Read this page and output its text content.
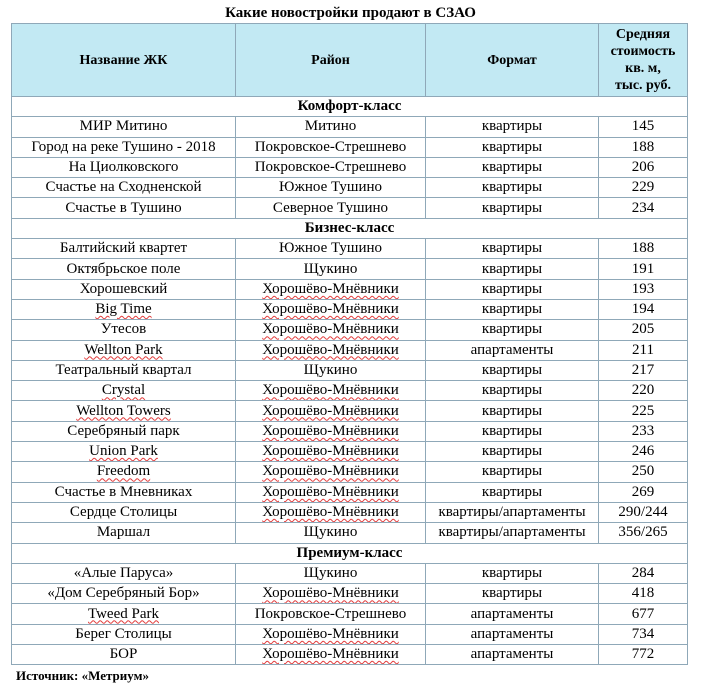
Какие новостройки продают в СЗАО
Название ЖК	Район	Формат	Средняя
стоимость
кв. м,
тыс. руб.
Комфорт-класс			
МИР Митино	Митино	квартиры	145
Город на реке Тушино - 2018	Покровское-Стрешнево	квартиры	188
На Циолковского	Покровское-Стрешнево	квартиры	206
Счастье на Сходненской	Южное Тушино	квартиры	229
Счастье в Тушино	Северное Тушино	квартиры	234
Бизнес-класс			
Балтийский квартет	Южное Тушино	квартиры	188
Октябрьское поле	Щукино	квартиры	191
Хорошевский	Хорошёво-Мнёвники	квартиры	193
Big Time	Хорошёво-Мнёвники	квартиры	194
Утесов	Хорошёво-Мнёвники	квартиры	205
Wellton Park	Хорошёво-Мнёвники	апартаменты	211
Театральный квартал	Щукино	квартиры	217
Crystal	Хорошёво-Мнёвники	квартиры	220
Wellton Towers	Хорошёво-Мнёвники	квартиры	225
Серебряный парк	Хорошёво-Мнёвники	квартиры	233
Union Park	Хорошёво-Мнёвники	квартиры	246
Freedom	Хорошёво-Мнёвники	квартиры	250
Счастье в Мневниках	Хорошёво-Мнёвники	квартиры	269
Сердце Столицы	Хорошёво-Мнёвники	квартиры/апартаменты	290/244
Маршал	Щукино	квартиры/апартаменты	356/265
Премиум-класс			
«Алые Паруса»	Щукино	квартиры	284
«Дом Серебряный Бор»	Хорошёво-Мнёвники	квартиры	418
Tweed Park	Покровское-Стрешнево	апартаменты	677
Берег Столицы	Хорошёво-Мнёвники	апартаменты	734
БОР	Хорошёво-Мнёвники	апартаменты	772
Источник: «Метриум»
